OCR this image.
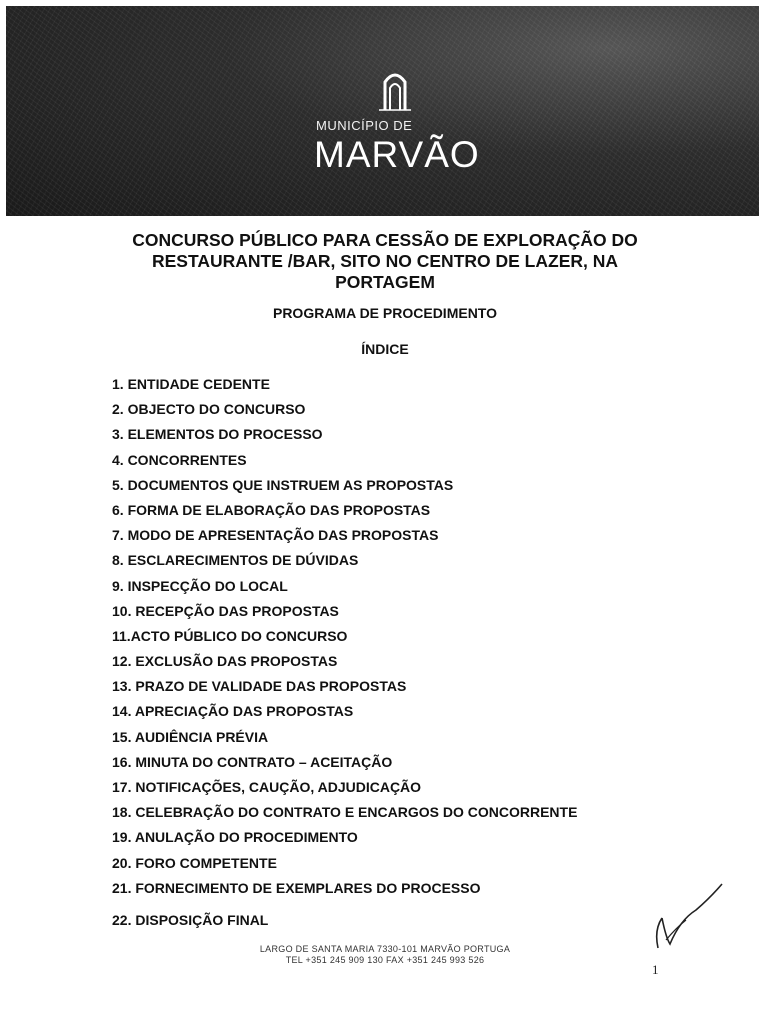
MUNICÍPIO DE
MARVÃO
CONCURSO PÚBLICO PARA CESSÃO DE EXPLORAÇÃO DO RESTAURANTE /BAR, SITO NO CENTRO DE LAZER, NA PORTAGEM
PROGRAMA DE PROCEDIMENTO
ÍNDICE
1. ENTIDADE CEDENTE
2. OBJECTO DO CONCURSO
3. ELEMENTOS DO PROCESSO
4. CONCORRENTES
5. DOCUMENTOS QUE INSTRUEM AS PROPOSTAS
6. FORMA DE ELABORAÇÃO DAS PROPOSTAS
7. MODO DE APRESENTAÇÃO DAS PROPOSTAS
8. ESCLARECIMENTOS DE DÚVIDAS
9. INSPECÇÃO DO LOCAL
10. RECEPÇÃO DAS PROPOSTAS
11.ACTO PÚBLICO DO CONCURSO
12. EXCLUSÃO DAS PROPOSTAS
13. PRAZO DE VALIDADE DAS PROPOSTAS
14. APRECIAÇÃO DAS PROPOSTAS
15. AUDIÊNCIA PRÉVIA
16. MINUTA DO CONTRATO – ACEITAÇÃO
17. NOTIFICAÇÕES, CAUÇÃO, ADJUDICAÇÃO
18. CELEBRAÇÃO DO CONTRATO E ENCARGOS DO CONCORRENTE
19. ANULAÇÃO DO PROCEDIMENTO
20. FORO COMPETENTE
21. FORNECIMENTO DE EXEMPLARES DO PROCESSO
22. DISPOSIÇÃO FINAL
LARGO DE SANTA MARIA 7330-101 MARVÃO PORTUGA
TEL +351 245 909 130 FAX +351 245 993 526
1
